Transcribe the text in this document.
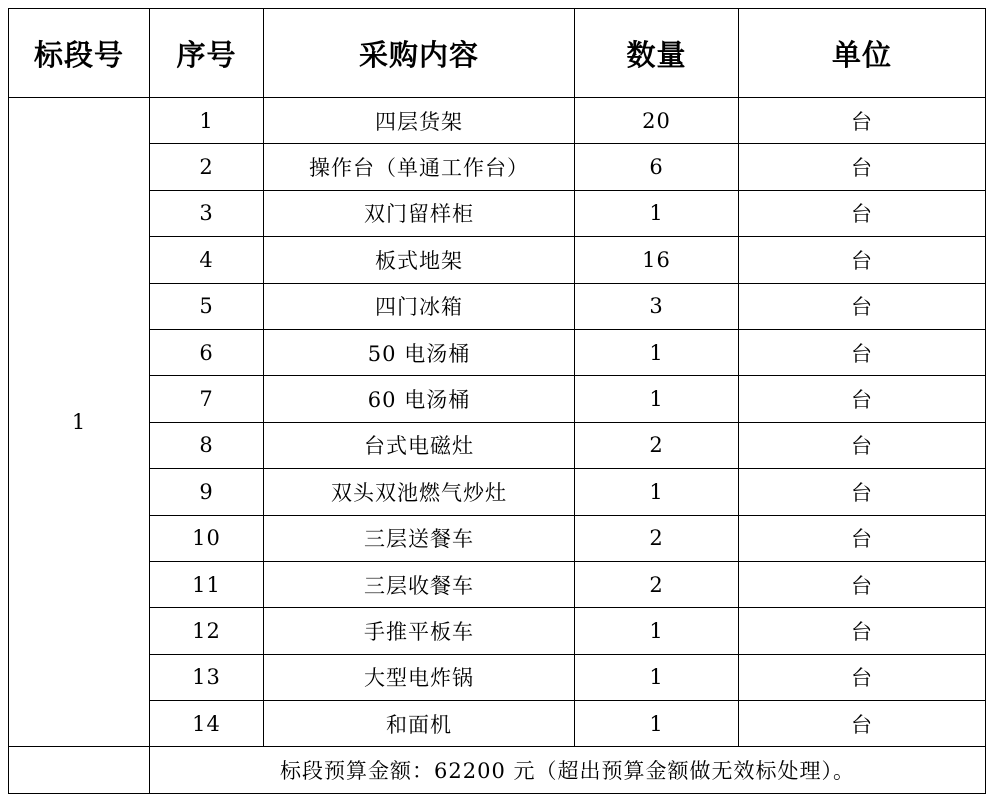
标段号	序号	采购内容	数量	单位
1	1	四层货架	20	台
	2	操作台（单通工作台）	6	台
	3	双门留样柜	1	台
	4	板式地架	16	台
	5	四门冰箱	3	台
	6	50 电汤桶	1	台
	7	60 电汤桶	1	台
	8	台式电磁灶	2	台
	9	双头双池燃气炒灶	1	台
	10	三层送餐车	2	台
	11	三层收餐车	2	台
	12	手推平板车	1	台
	13	大型电炸锅	1	台
	14	和面机	1	台
	标段预算金额：62200 元（超出预算金额做无效标处理）。			
